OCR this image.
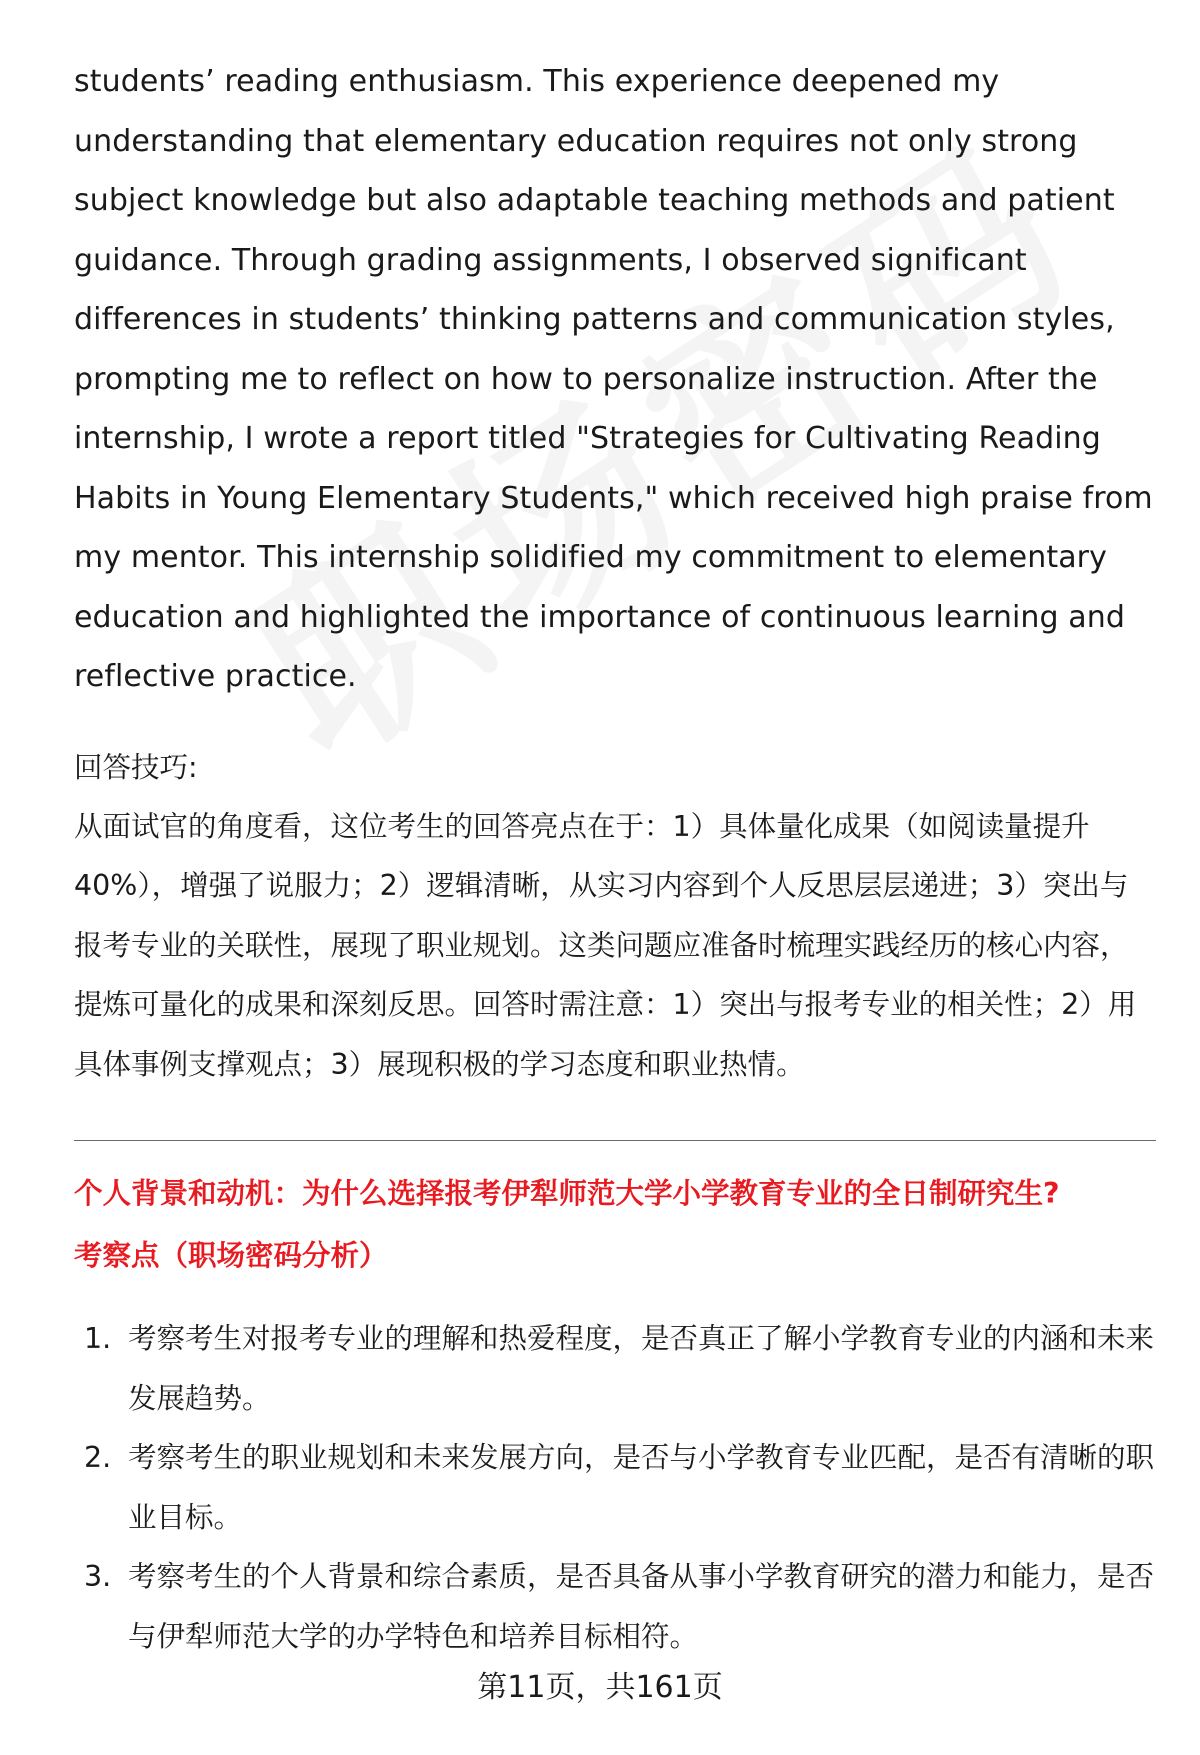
students’ reading enthusiasm. This experience deepened my understanding that elementary education requires not only strong subject knowledge but also adaptable teaching methods and patient guidance. Through grading assignments, I observed significant differences in students’ thinking patterns and communication styles, prompting me to reflect on how to personalize instruction. After the internship, I wrote a report titled "Strategies for Cultivating Reading Habits in Young Elementary Students," which received high praise from my mentor. This internship solidified my commitment to elementary education and highlighted the importance of continuous learning and reflective practice.

回答技巧:

从面试官的角度看，这位考生的回答亮点在于：1）具体量化成果（如阅读量提升40%），增强了说服力；2）逻辑清晰，从实习内容到个人反思层层递进；3）突出与报考专业的关联性，展现了职业规划。这类问题应准备时梳理实践经历的核心内容，提炼可量化的成果和深刻反思。回答时需注意：1）突出与报考专业的相关性；2）用具体事例支撑观点；3）展现积极的学习态度和职业热情。

个人背景和动机：为什么选择报考伊犁师范大学小学教育专业的全日制研究生?
考察点（职场密码分析）
1. 考察考生对报考专业的理解和热爱程度，是否真正了解小学教育专业的内涵和未来发展趋势。
2. 考察考生的职业规划和未来发展方向，是否与小学教育专业匹配，是否有清晰的职业目标。
3. 考察考生的个人背景和综合素质，是否具备从事小学教育研究的潜力和能力，是否与伊犁师范大学的办学特色和培养目标相符。
第11页，共161页
